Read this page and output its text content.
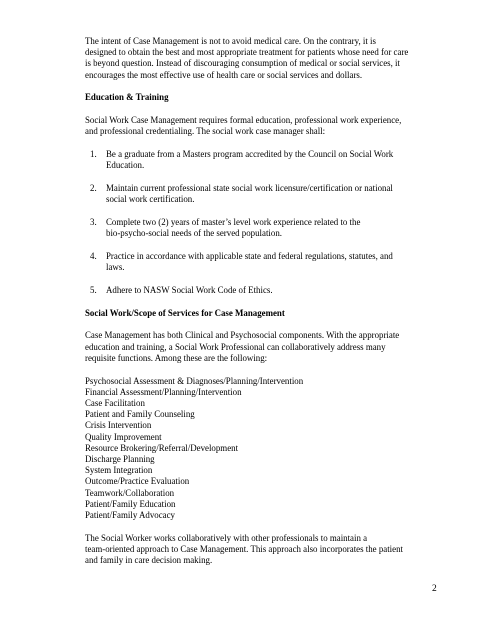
The intent of Case Management is not to avoid medical care. On the contrary, it is
designed to obtain the best and most appropriate treatment for patients whose need for care
is beyond question. Instead of discouraging consumption of medical or social services, it
encourages the most effective use of health care or social services and dollars.

Education & Training

Social Work Case Management requires formal education, professional work experience,
and professional credentialing. The social work case manager shall:

1.	Be a graduate from a Masters program accredited by the Council on Social Work
Education.
2.	Maintain current professional state social work licensure/certification or national
social work certification.
3.	Complete two (2) years of master’s level work experience related to the
bio-psycho-social needs of the served population.
4.	Practice in accordance with applicable state and federal regulations, statutes, and
laws.
5.	Adhere to NASW Social Work Code of Ethics.

Social Work/Scope of Services for Case Management

Case Management has both Clinical and Psychosocial components. With the appropriate
education and training, a Social Work Professional can collaboratively address many
requisite functions. Among these are the following:

Psychosocial Assessment & Diagnoses/Planning/Intervention
Financial Assessment/Planning/Intervention
Case Facilitation
Patient and Family Counseling
Crisis Intervention
Quality Improvement
Resource Brokering/Referral/Development
Discharge Planning
System Integration
Outcome/Practice Evaluation
Teamwork/Collaboration
Patient/Family Education
Patient/Family Advocacy

The Social Worker works collaboratively with other professionals to maintain a
team-oriented approach to Case Management. This approach also incorporates the patient
and family in care decision making.

2
